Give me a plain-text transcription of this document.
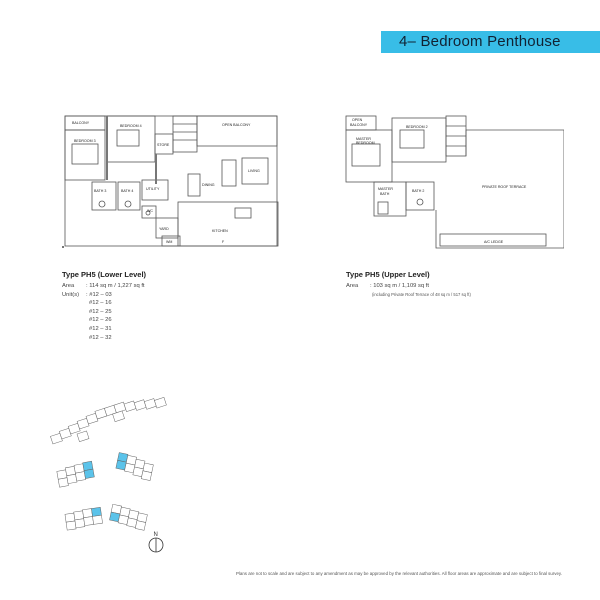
4– Bedroom Penthouse
BALCONY
BEDROOM 4
BEDROOM 3
STORE
OPEN BALCONY
LIVING
DINING
BATH 3	BATH 4	UTILITY
WC
YARD	KITCHEN
WM	F
OPEN
BALCONY	BEDROOM 2
MASTER
BEDROOM
MASTER
BATH
BATH 2
PRIVATE ROOF TERRACE
A/C LEDGE
Type PH5 (Lower Level)
Area : 114 sq m / 1,227 sq ft
Unit(s) : #12 – 03
#12 – 16
#12 – 25
#12 – 26
#12 – 31
#12 – 32
Type PH5 (Upper Level)
Area : 103 sq m / 1,109 sq ft
(including Private Roof Terrace of 48 sq m / 517 sq ft)
N
Plans are not to scale and are subject to any amendment as may be approved by the relevant authorities. All floor areas are approximate and are subject to final survey.
